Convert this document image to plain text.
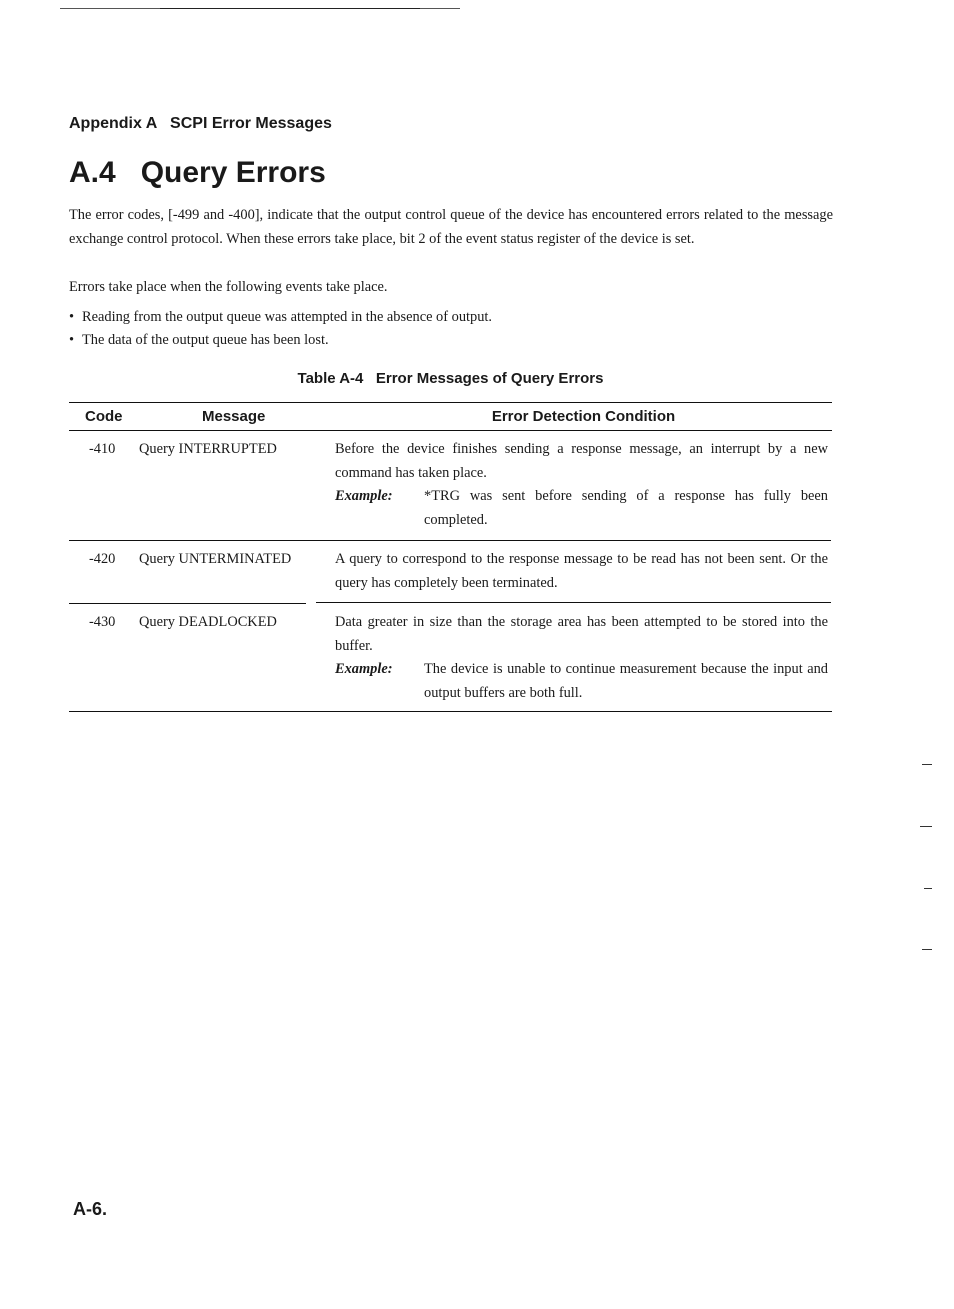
Appendix A   SCPI Error Messages
A.4   Query Errors

The error codes, [-499 and -400], indicate that the output control queue of the device has encountered errors related to the message exchange control protocol. When these errors take place, bit 2 of the event status register of the device is set.

Errors take place when the following events take place.

• Reading from the output queue was attempted in the absence of output.
• The data of the output queue has been lost.
Table A-4   Error Messages of Query Errors
Code	Message	Error Detection Condition
-410 Query INTERRUPTED	Before the device finishes sending a response message, an interrupt by a new command has taken place.
Example: *TRG was sent before sending of a response has fully been completed.
-420 Query UNTERMINATED	A query to correspond to the response message to be read has not been sent. Or the query has completely been terminated.
-430 Query DEADLOCKED	Data greater in size than the storage area has been attempted to be stored into the buffer.
Example: The device is unable to continue measurement because the input and output buffers are both full.
A-6.
